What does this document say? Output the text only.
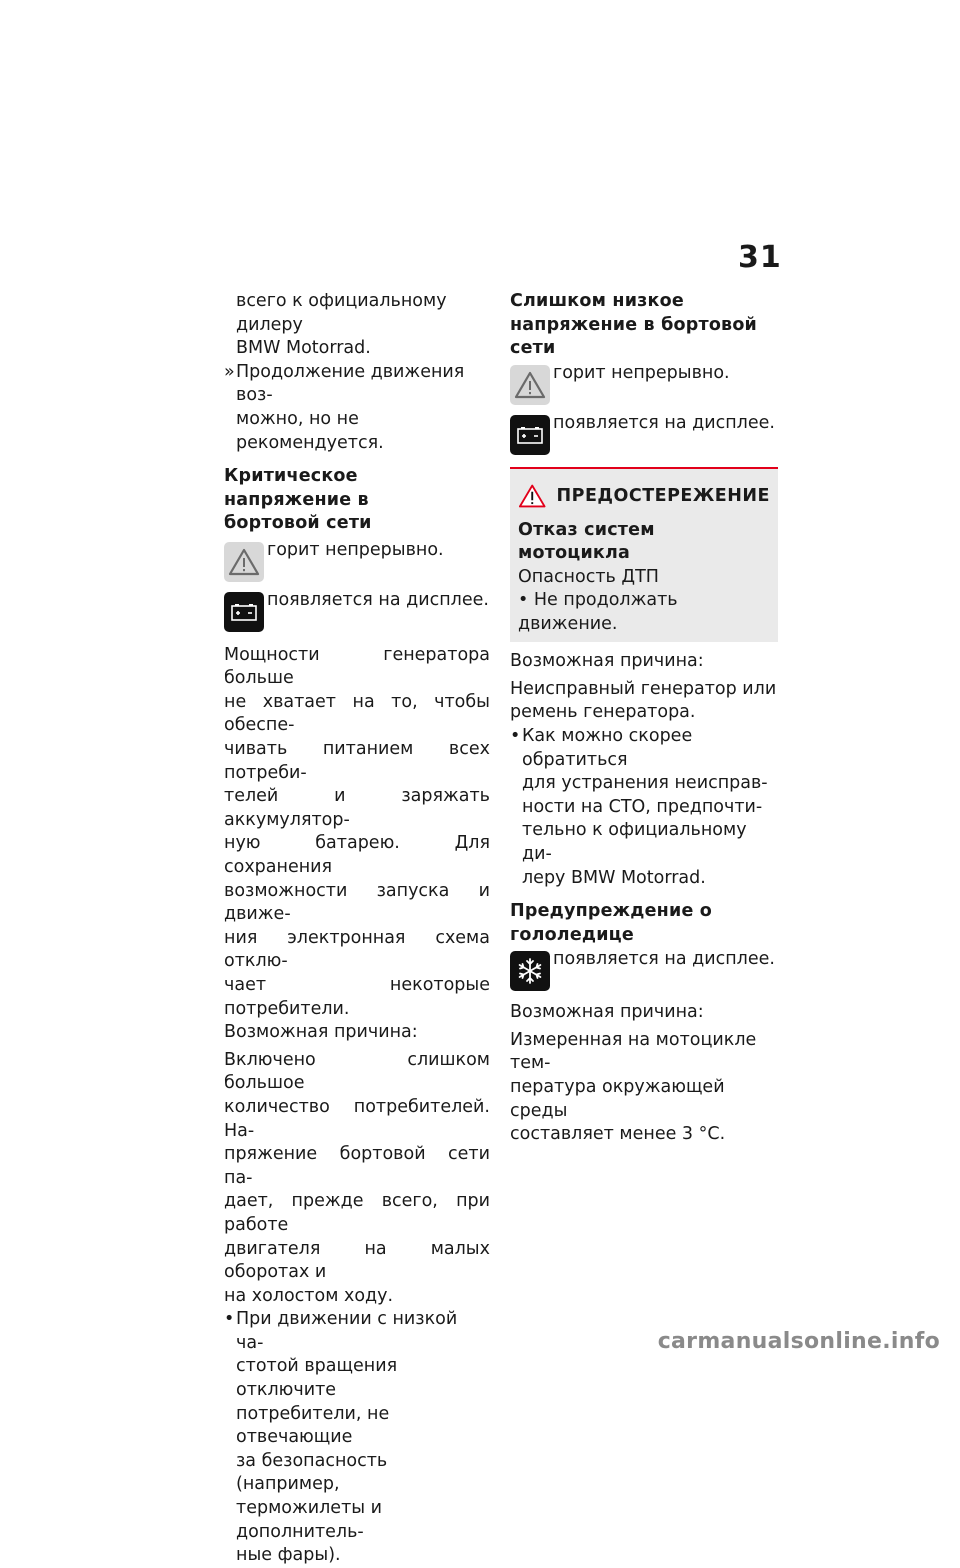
31

всего к официальному дилеру

BMW Motorrad.

» Продолжение движения воз-

можно, но не рекомендуется.

Критическое напряжение в
бортовой сети

горит непрерывно.

появляется на дисплее.

Мощности генератора больше

не хватает на то, чтобы обеспе-

чивать питанием всех потреби-

телей и заряжать аккумулятор-

ную батарею. Для сохранения

возможности запуска и движе-

ния электронная схема отклю-

чает некоторые потребители.

Возможная причина:

Включено слишком большое

количество потребителей. На-

пряжение бортовой сети па-

дает, прежде всего, при работе

двигателя на малых оборотах и

на холостом ходу.

• При движении с низкой ча-

стотой вращения отключите

потребители, не отвечающие

за безопасность (например,

терможилеты и дополнитель-

ные фары).

Слишком низкое
напряжение в бортовой
сети

горит непрерывно.

появляется на дисплее.

ПРЕДОСТЕРЕЖЕНИЕ

Отказ систем мотоцикла

Опасность ДТП

• Не продолжать движение.

Возможная причина:

Неисправный генератор или

ремень генератора.

• Как можно скорее обратиться

для устранения неисправ-

ности на СТО, предпочти-

тельно к официальному ди-

леру BMW Motorrad.

Предупреждение о
гололедице

появляется на дисплее.

Возможная причина:

Измеренная на мотоцикле тем-

пература окружающей среды

составляет менее 3 °C.

carmanualsonline.info
